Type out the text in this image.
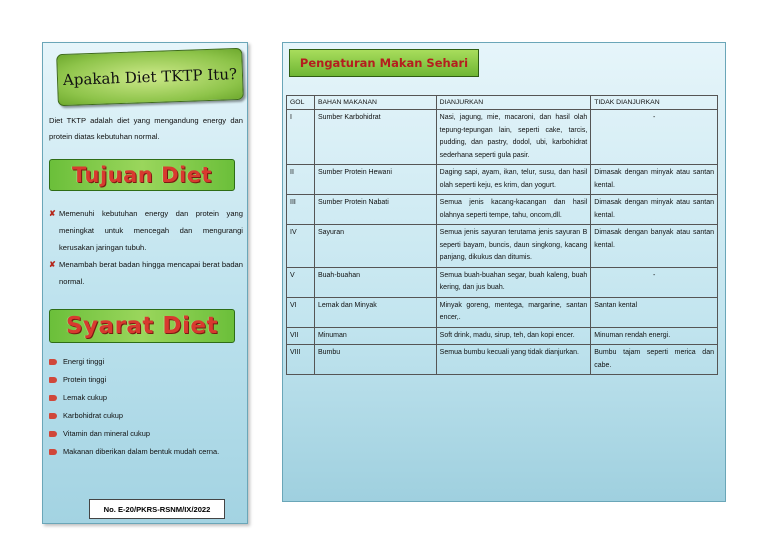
Apakah Diet TKTP Itu?

Diet TKTP adalah diet yang mengandung energy dan protein diatas kebutuhan normal.

Tujuan Diet
✘ Memenuhi kebutuhan energy dan protein yang meningkat untuk mencegah dan mengurangi kerusakan jaringan tubuh.
✘ Menambah berat badan hingga mencapai berat badan normal.
Syarat Diet
Energi tinggi
Protein tinggi
Lemak cukup
Karbohidrat cukup
Vitamin dan mineral cukup
Makanan diberikan dalam bentuk mudah cerna.
No. E-20/PKRS-RSNM/IX/2022
Pengaturan Makan Sehari
GOL	BAHAN MAKANAN	DIANJURKAN	TIDAK DIANJURKAN
I	Sumber Karbohidrat	Nasi, jagung, mie, macaroni, dan hasil olah tepung-tepungan lain, seperti cake, tarcis, pudding, dan pastry, dodol, ubi, karbohidrat sederhana seperti gula pasir.	-
II	Sumber Protein Hewani	Daging sapi, ayam, ikan, telur, susu, dan hasil olah seperti keju, es krim, dan yogurt.	Dimasak dengan minyak atau santan kental.
III	Sumber Protein Nabati	Semua jenis kacang-kacangan dan hasil olahnya seperti tempe, tahu, oncom,dll.	Dimasak dengan minyak atau santan kental.
IV	Sayuran	Semua jenis sayuran terutama jenis sayuran B seperti bayam, buncis, daun singkong, kacang panjang, dikukus dan ditumis.	Dimasak dengan banyak atau santan kental.
V	Buah-buahan	Semua buah-buahan segar, buah kaleng, buah kering, dan jus buah.	-
VI	Lemak dan Minyak	Minyak goreng, mentega, margarine, santan encer,.	Santan kental
VII	Minuman	Soft drink, madu, sirup, teh, dan kopi encer.	Minuman rendah energi.
VIII	Bumbu	Semua bumbu kecuali yang tidak dianjurkan.	Bumbu tajam seperti merica dan cabe.
